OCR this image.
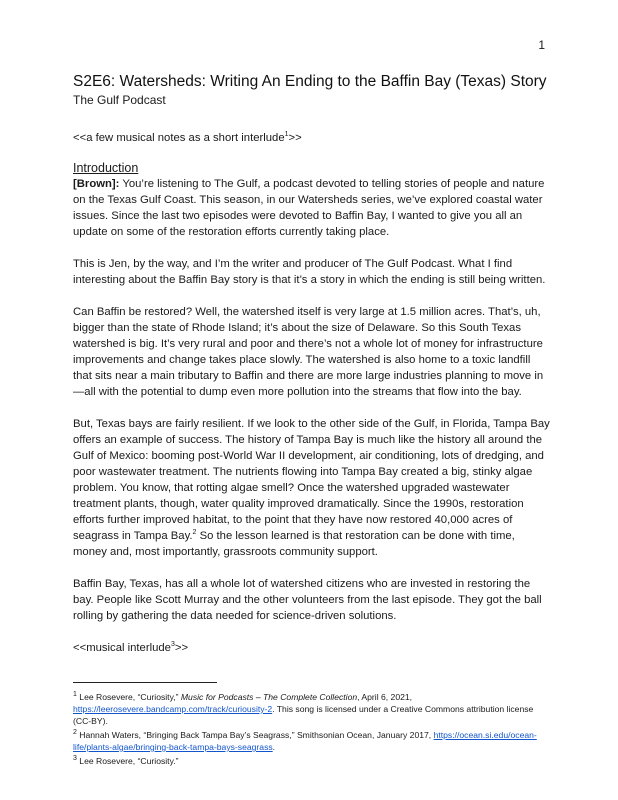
1
S2E6: Watersheds: Writing An Ending to the Baffin Bay (Texas) Story
The Gulf Podcast

<<a few musical notes as a short interlude$^1$>>

Introduction

[Brown]: You’re listening to The Gulf, a podcast devoted to telling stories of people and nature on the Texas Gulf Coast. This season, in our Watersheds series, we’ve explored coastal water issues. Since the last two episodes were devoted to Baffin Bay, I wanted to give you all an update on some of the restoration efforts currently taking place.

This is Jen, by the way, and I’m the writer and producer of The Gulf Podcast. What I find interesting about the Baffin Bay story is that it’s a story in which the ending is still being written.

Can Baffin be restored? Well, the watershed itself is very large at 1.5 million acres. That’s, uh, bigger than the state of Rhode Island; it’s about the size of Delaware. So this South Texas watershed is big. It’s very rural and poor and there’s not a whole lot of money for infrastructure improvements and change takes place slowly. The watershed is also home to a toxic landfill that sits near a main tributary to Baffin and there are more large industries planning to move in—all with the potential to dump even more pollution into the streams that flow into the bay.

But, Texas bays are fairly resilient. If we look to the other side of the Gulf, in Florida, Tampa Bay offers an example of success. The history of Tampa Bay is much like the history all around the Gulf of Mexico: booming post-World War II development, air conditioning, lots of dredging, and poor wastewater treatment. The nutrients flowing into Tampa Bay created a big, stinky algae problem. You know, that rotting algae smell? Once the watershed upgraded wastewater treatment plants, though, water quality improved dramatically. Since the 1990s, restoration efforts further improved habitat, to the point that they have now restored 40,000 acres of seagrass in Tampa Bay.$^2$ So the lesson learned is that restoration can be done with time, money and, most importantly, grassroots community support.

Baffin Bay, Texas, has all a whole lot of watershed citizens who are invested in restoring the bay. People like Scott Murray and the other volunteers from the last episode. They got the ball rolling by gathering the data needed for science-driven solutions.

<<musical interlude$^3$>>

$^1$ Lee Rosevere, “Curiosity,” Music for Podcasts – The Complete Collection, April 6, 2021, https://leerosevere.bandcamp.com/track/curiousity-2. This song is licensed under a Creative Commons attribution license (CC-BY).
$^2$ Hannah Waters, “Bringing Back Tampa Bay’s Seagrass,” Smithsonian Ocean, January 2017, https://ocean.si.edu/ocean-life/plants-algae/bringing-back-tampa-bays-seagrass.
$^3$ Lee Rosevere, “Curiosity.”
